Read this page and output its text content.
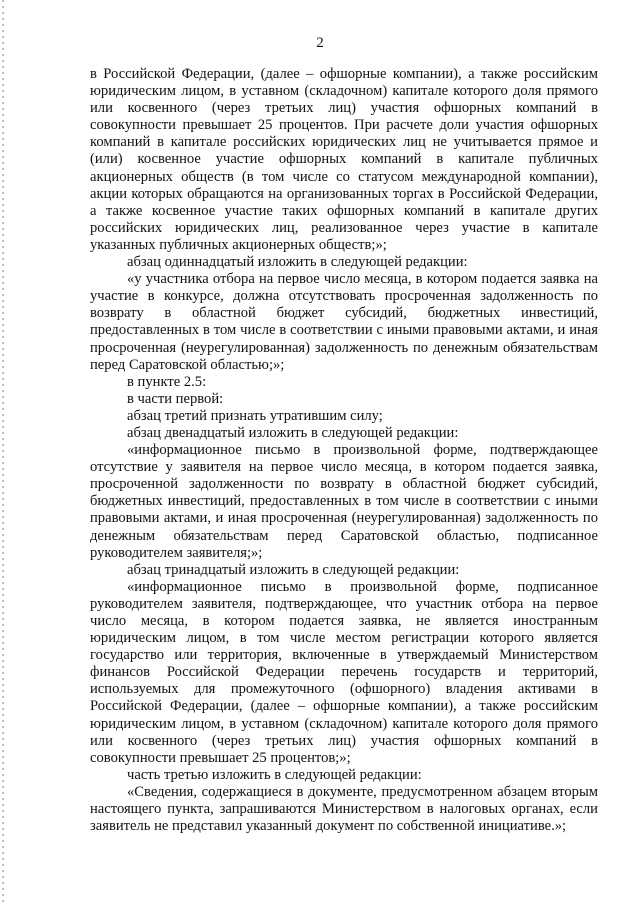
2

в Российской Федерации, (далее – офшорные компании), а также российским юридическим лицом, в уставном (складочном) капитале которого доля прямого или косвенного (через третьих лиц) участия офшорных компаний в совокупности превышает 25 процентов. При расчете доли участия офшорных компаний в капитале российских юридических лиц не учитывается прямое и (или) косвенное участие офшорных компаний в капитале публичных акционерных обществ (в том числе со статусом международной компании), акции которых обращаются на организованных торгах в Российской Федерации, а также косвенное участие таких офшорных компаний в капитале других российских юридических лиц, реализованное через участие в капитале указанных публичных акционерных обществ;»;

абзац одиннадцатый изложить в следующей редакции:

«у участника отбора на первое число месяца, в котором подается заявка на участие в конкурсе, должна отсутствовать просроченная задолженность по возврату в областной бюджет субсидий, бюджетных инвестиций, предоставленных в том числе в соответствии с иными правовыми актами, и иная просроченная (неурегулированная) задолженность по денежным обязательствам перед Саратовской областью;»;

в пункте 2.5:

в части первой:

абзац третий признать утратившим силу;

абзац двенадцатый изложить в следующей редакции:

«информационное письмо в произвольной форме, подтверждающее отсутствие у заявителя на первое число месяца, в котором подается заявка, просроченной задолженности по возврату в областной бюджет субсидий, бюджетных инвестиций, предоставленных в том числе в соответствии с иными правовыми актами, и иная просроченная (неурегулированная) задолженность по денежным обязательствам перед Саратовской областью, подписанное руководителем заявителя;»;

абзац тринадцатый изложить в следующей редакции:

«информационное письмо в произвольной форме, подписанное руководителем заявителя, подтверждающее, что участник отбора на первое число месяца, в котором подается заявка, не является иностранным юридическим лицом, в том числе местом регистрации которого является государство или территория, включенные в утверждаемый Министерством финансов Российской Федерации перечень государств и территорий, используемых для промежуточного (офшорного) владения активами в Российской Федерации, (далее – офшорные компании), а также российским юридическим лицом, в уставном (складочном) капитале которого доля прямого или косвенного (через третьих лиц) участия офшорных компаний в совокупности превышает 25 процентов;»;

часть третью изложить в следующей редакции:

«Сведения, содержащиеся в документе, предусмотренном абзацем вторым настоящего пункта, запрашиваются Министерством в налоговых органах, если заявитель не представил указанный документ по собственной инициативе.»;
